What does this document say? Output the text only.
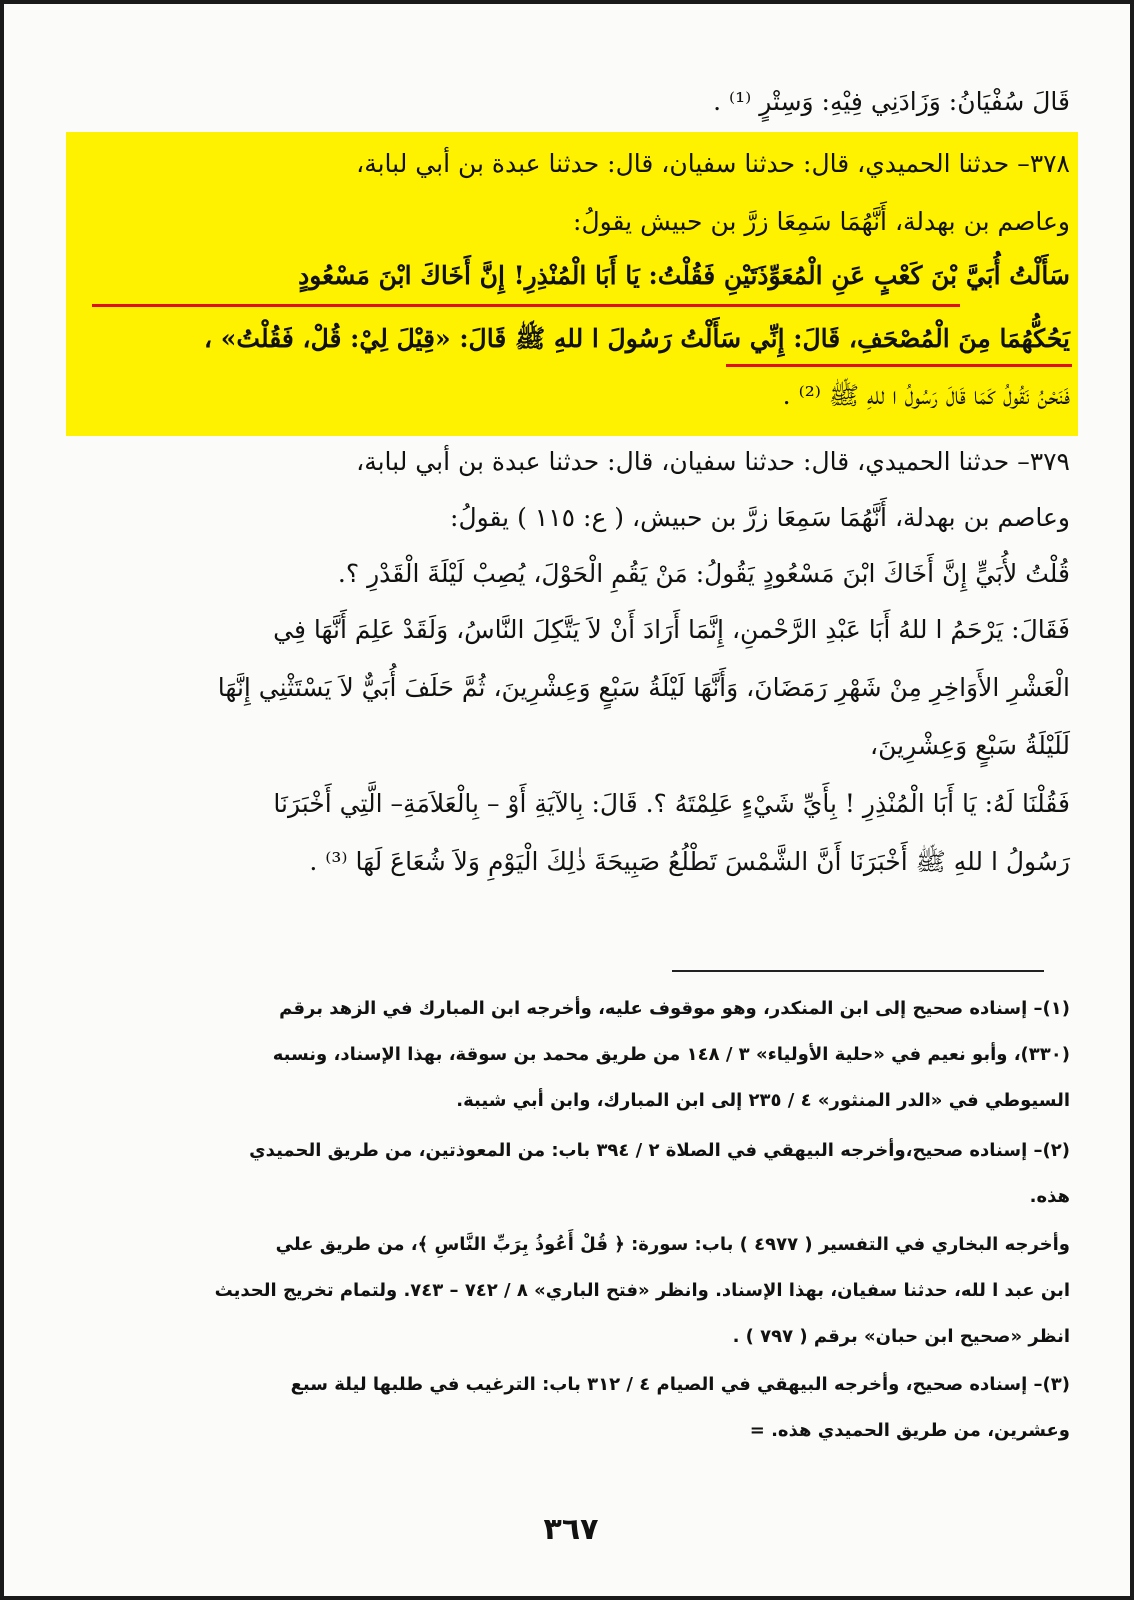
قَالَ سُفْيَانُ: وَزَادَنِي فِيْهِ: وَسِتْرٍ ⁽¹⁾ .
٣٧٨– حدثنا الحميدي، قال: حدثنا سفيان، قال: حدثنا عبدة بن أبي لبابة،
وعاصم بن بهدلة، أَنَّهُمَا سَمِعَا زرَّ بن حبيش يقولُ:
سَأَلْتُ أُبَيَّ بْنَ كَعْبٍ عَنِ الْمُعَوِّذَتَيْنِ فَقُلْتُ: يَا أَبَا الْمُنْذِرِ! إِنَّ أَخَاكَ ابْنَ مَسْعُودٍ
يَحُكُّهُمَا مِنَ الْمُصْحَفِ، قَالَ: إِنِّي سَأَلْتُ رَسُولَ ا للهِ ﷺ قَالَ: «قِيْلَ لِيْ: قُلْ، فَقُلْتُ» ،
فَنَحْنُ نَقُولُ كَمَا قَالَ رَسُولُ ا للهِ ﷺ ⁽²⁾ .
٣٧٩– حدثنا الحميدي، قال: حدثنا سفيان، قال: حدثنا عبدة بن أبي لبابة،
وعاصم بن بهدلة، أَنَّهُمَا سَمِعَا زرَّ بن حبيش، ( ع: ١١٥ ) يقولُ:
قُلْتُ لأُبَيٍّ إِنَّ أَخَاكَ ابْنَ مَسْعُودٍ يَقُولُ: مَنْ يَقُمِ الْحَوْلَ، يُصِبْ لَيْلَةَ الْقَدْرِ ؟.
فَقَالَ: يَرْحَمُ ا للهُ أَبَا عَبْدِ الرَّحْمنِ، إِنَّمَا أَرَادَ أَنْ لاَ يَتَّكِلَ النَّاسُ، وَلَقَدْ عَلِمَ أَنَّهَا فِي
الْعَشْرِ الأَوَاخِرِ مِنْ شَهْرِ رَمَضَانَ، وَأَنَّهَا لَيْلَةُ سَبْعٍ وَعِشْرِينَ، ثُمَّ حَلَفَ أُبَيٌّ لاَ يَسْتَثْنِي إِنَّهَا
لَلَيْلَةُ سَبْعٍ وَعِشْرِينَ،
فَقُلْنَا لَهُ: يَا أَبَا الْمُنْذِرِ ! بِأَيِّ شَيْءٍ عَلِمْتَهُ ؟. قَالَ: بِالآيَةِ أَوْ – بِالْعَلاَمَةِ– الَّتِي أَخْبَرَنَا
رَسُولُ ا للهِ ﷺ أَخْبَرَنَا أَنَّ الشَّمْسَ تَطْلُعُ صَبِيحَةَ ذٰلِكَ الْيَوْمِ وَلاَ شُعَاعَ لَهَا ⁽³⁾ .
(١)– إسناده صحيح إلى ابن المنكدر، وهو موقوف عليه، وأخرجه ابن المبارك في الزهد برقم
(٣٣٠)، وأبو نعيم في «حلية الأولياء» ٣ / ١٤٨ من طريق محمد بن سوقة، بهذا الإسناد، ونسبه
السيوطي في «الدر المنثور» ٤ / ٢٣٥ إلى ابن المبارك، وابن أبي شيبة.
(٢)– إسناده صحيح،وأخرجه البيهقي في الصلاة ٢ / ٣٩٤ باب: من المعوذتين، من طريق الحميدي
هذه.
وأخرجه البخاري في التفسير ( ٤٩٧٧ ) باب: سورة: ﴿ قُلْ أَعُوذُ بِرَبِّ النَّاسِ ﴾، من طريق علي
ابن عبد ا لله، حدثنا سفيان، بهذا الإسناد. وانظر «فتح الباري» ٨ / ٧٤٢ – ٧٤٣. ولتمام تخريج الحديث
انظر «صحيح ابن حبان» برقم ( ٧٩٧ ) .
(٣)– إسناده صحيح، وأخرجه البيهقي في الصيام ٤ / ٣١٢ باب: الترغيب في طلبها ليلة سبع
وعشرين، من طريق الحميدي هذه. =
٣٦٧
